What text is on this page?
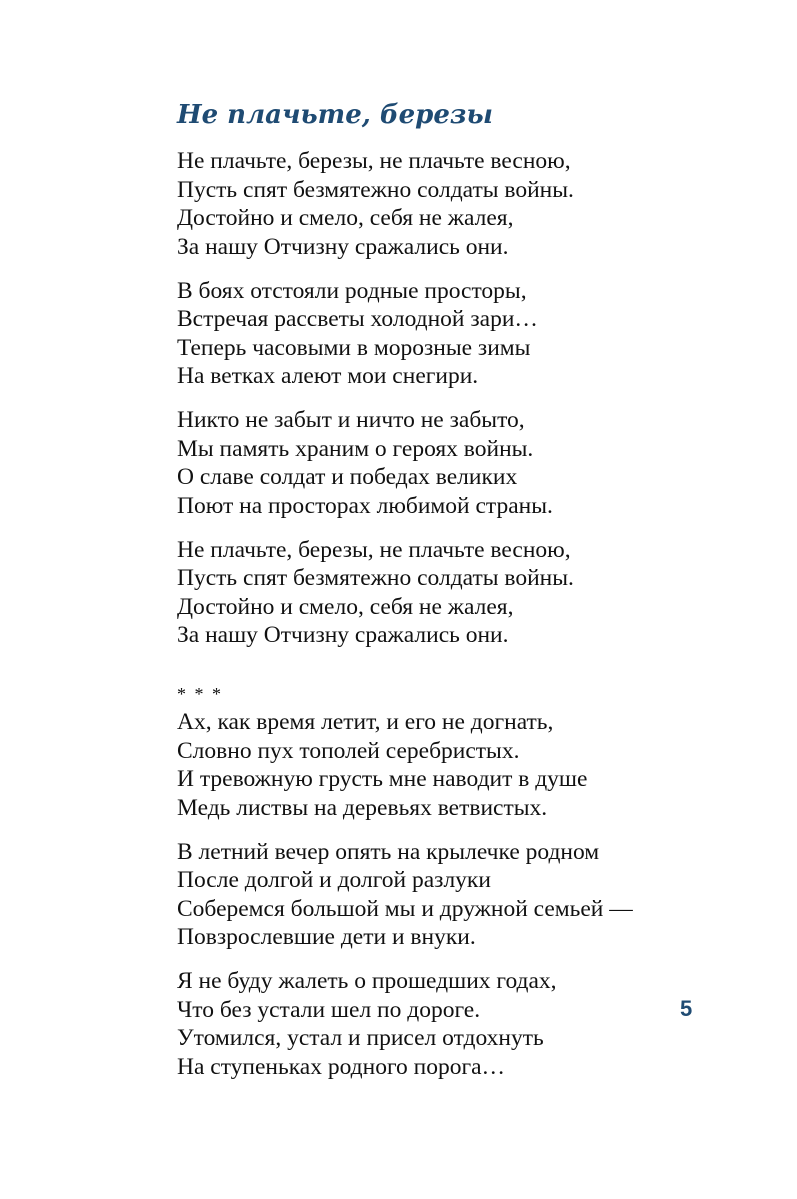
Не плачьте, березы
Не плачьте, березы, не плачьте весною,
Пусть спят безмятежно солдаты войны.
Достойно и смело, себя не жалея,
За нашу Отчизну сражались они.
В боях отстояли родные просторы,
Встречая рассветы холодной зари…
Теперь часовыми в морозные зимы
На ветках алеют мои снегири.
Никто не забыт и ничто не забыто,
Мы память храним о героях войны.
О славе солдат и победах великих
Поют на просторах любимой страны.
Не плачьте, березы, не плачьте весною,
Пусть спят безмятежно солдаты войны.
Достойно и смело, себя не жалея,
За нашу Отчизну сражались они.
* * *
Ах, как время летит, и его не догнать,
Словно пух тополей серебристых.
И тревожную грусть мне наводит в душе
Медь листвы на деревьях ветвистых.
В летний вечер опять на крылечке родном
После долгой и долгой разлуки
Соберемся большой мы и дружной семьей —
Повзрослевшие дети и внуки.
Я не буду жалеть о прошедших годах,
Что без устали шел по дороге.
Утомился, устал и присел отдохнуть
На ступеньках родного порога…
5
